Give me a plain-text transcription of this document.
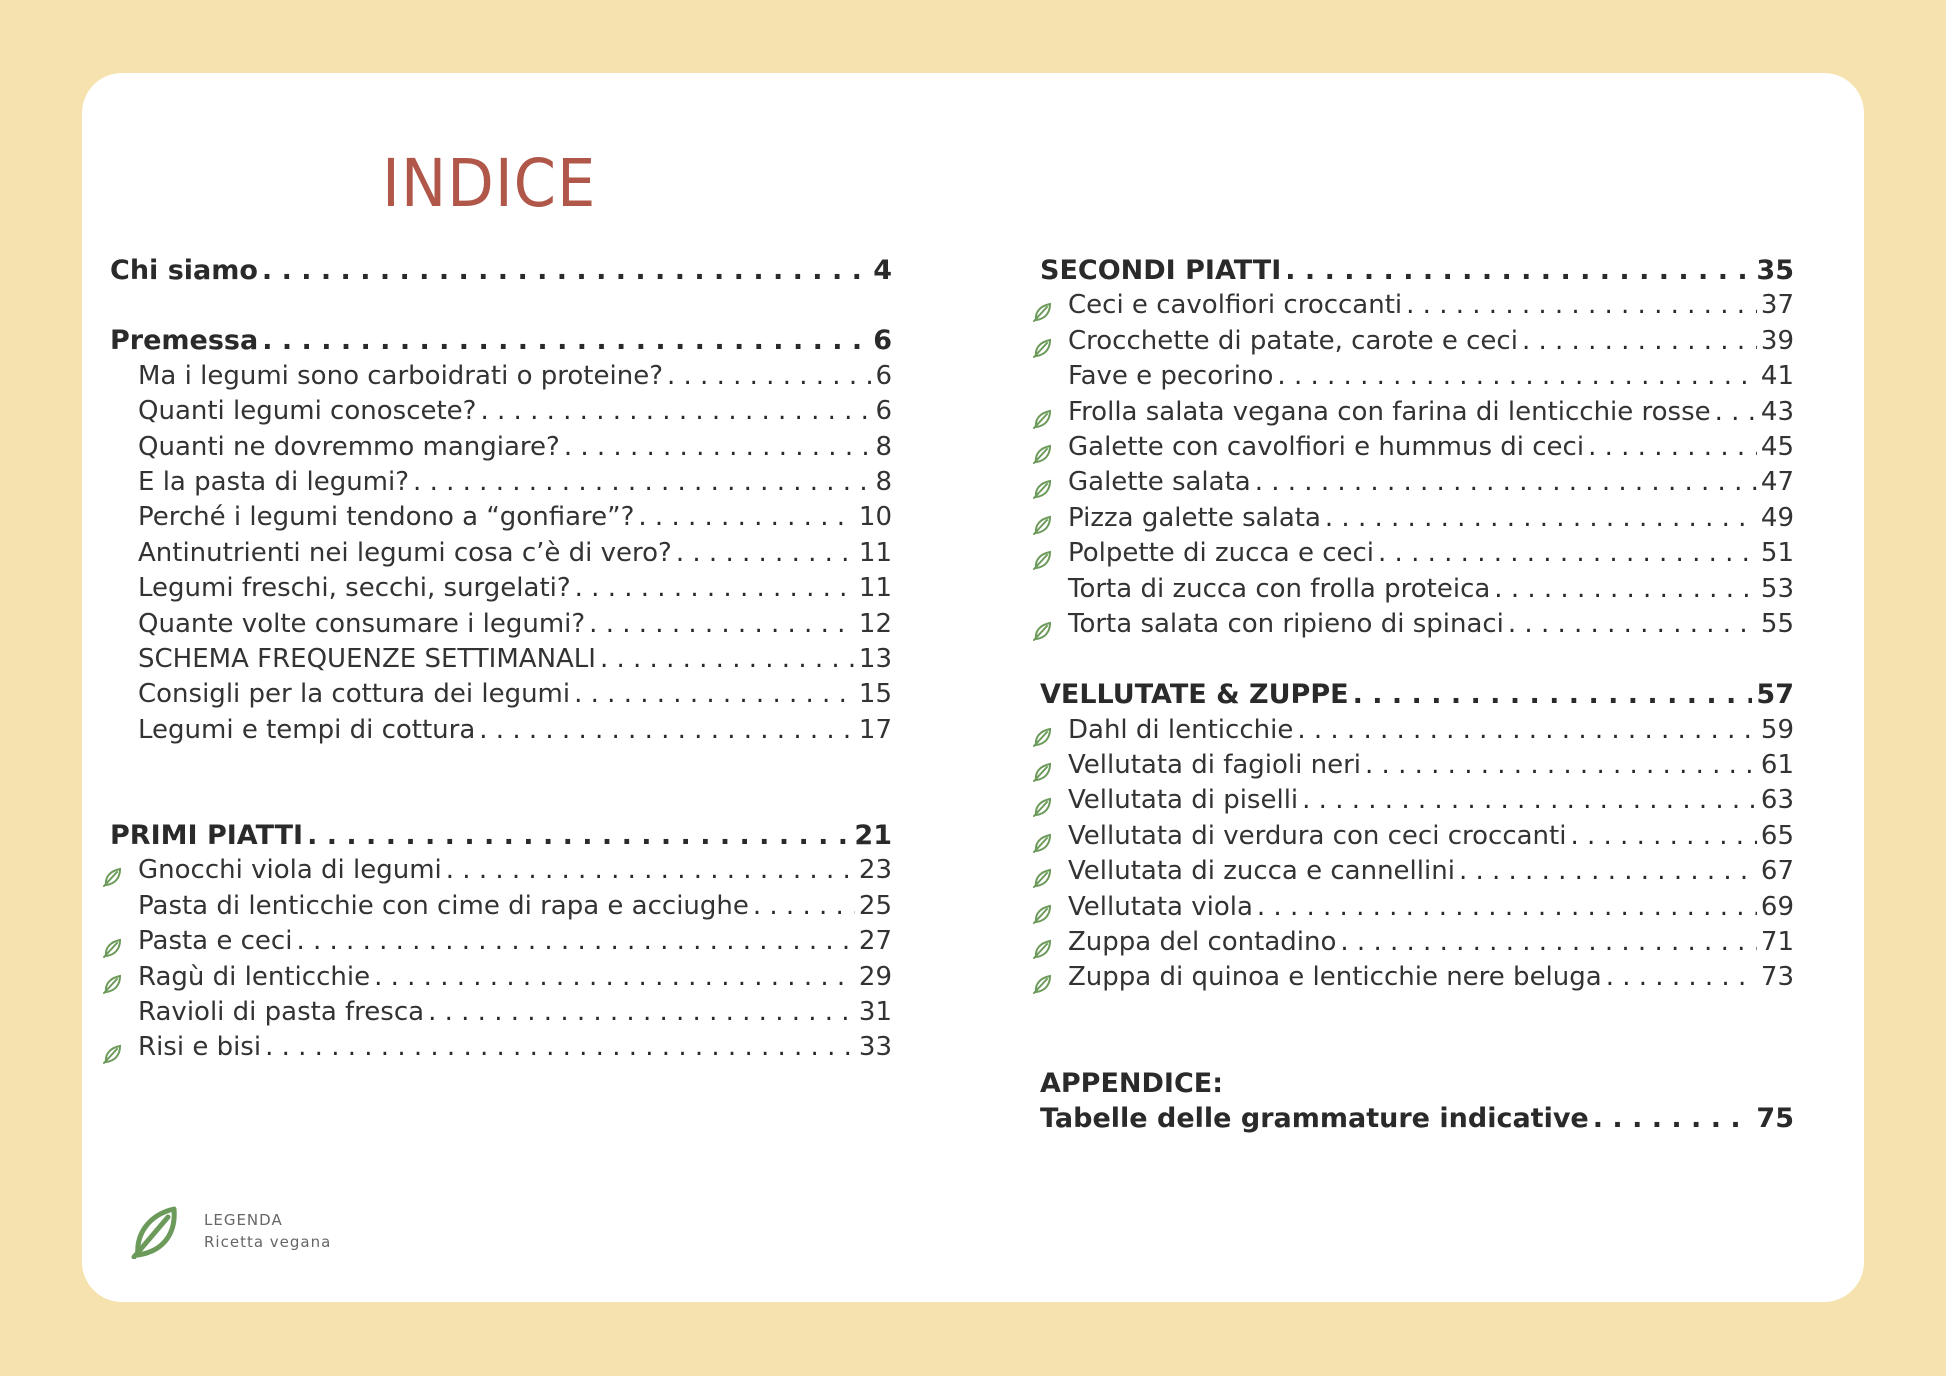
INDICE
Chi siamo . . .	4
Premessa . . .	6
Ma i legumi sono carboidrati o proteine? . . .	6
Quanti legumi conoscete? . . .	6
Quanti ne dovremmo mangiare? . . .	8
E la pasta di legumi? . . .	8
Perché i legumi tendono a “gonfiare”? . . .	10
Antinutrienti nei legumi cosa c’è di vero? . . .	11
Legumi freschi, secchi, surgelati? . . .	11
Quante volte consumare i legumi? . . .	12
SCHEMA FREQUENZE SETTIMANALI . . .	13
Consigli per la cottura dei legumi . . .	15
Legumi e tempi di cottura . . .	17
PRIMI PIATTI . . .	21
Gnocchi viola di legumi . . .	23
Pasta di lenticchie con cime di rapa e acciughe . . .	25
Pasta e ceci . . .	27
Ragù di lenticchie . . .	29
Ravioli di pasta fresca . . .	31
Risi e bisi . . .	33
SECONDI PIATTI . . .	35
Ceci e cavolfiori croccanti . . .	37
Crocchette di patate, carote e ceci . . .	39
Fave e pecorino . . .	41
Frolla salata vegana con farina di lenticchie rosse . . . 43
Galette con cavolfiori e hummus di ceci . . .	45
Galette salata . . .	47
Pizza galette salata . . .	49
Polpette di zucca e ceci . . .	51
Torta di zucca con frolla proteica . . .	53
Torta salata con ripieno di spinaci . . .	55
VELLUTATE & ZUPPE . . .	57
Dahl di lenticchie . . .	59
Vellutata di fagioli neri . . .	61
Vellutata di piselli . . .	63
Vellutata di verdura con ceci croccanti . . .	65
Vellutata di zucca e cannellini . . .	67
Vellutata viola . . .	69
Zuppa del contadino . . .	71
Zuppa di quinoa e lenticchie nere beluga . . .	73
APPENDICE:
Tabelle delle grammature indicative . . .	75
LEGENDA
Ricetta vegana
